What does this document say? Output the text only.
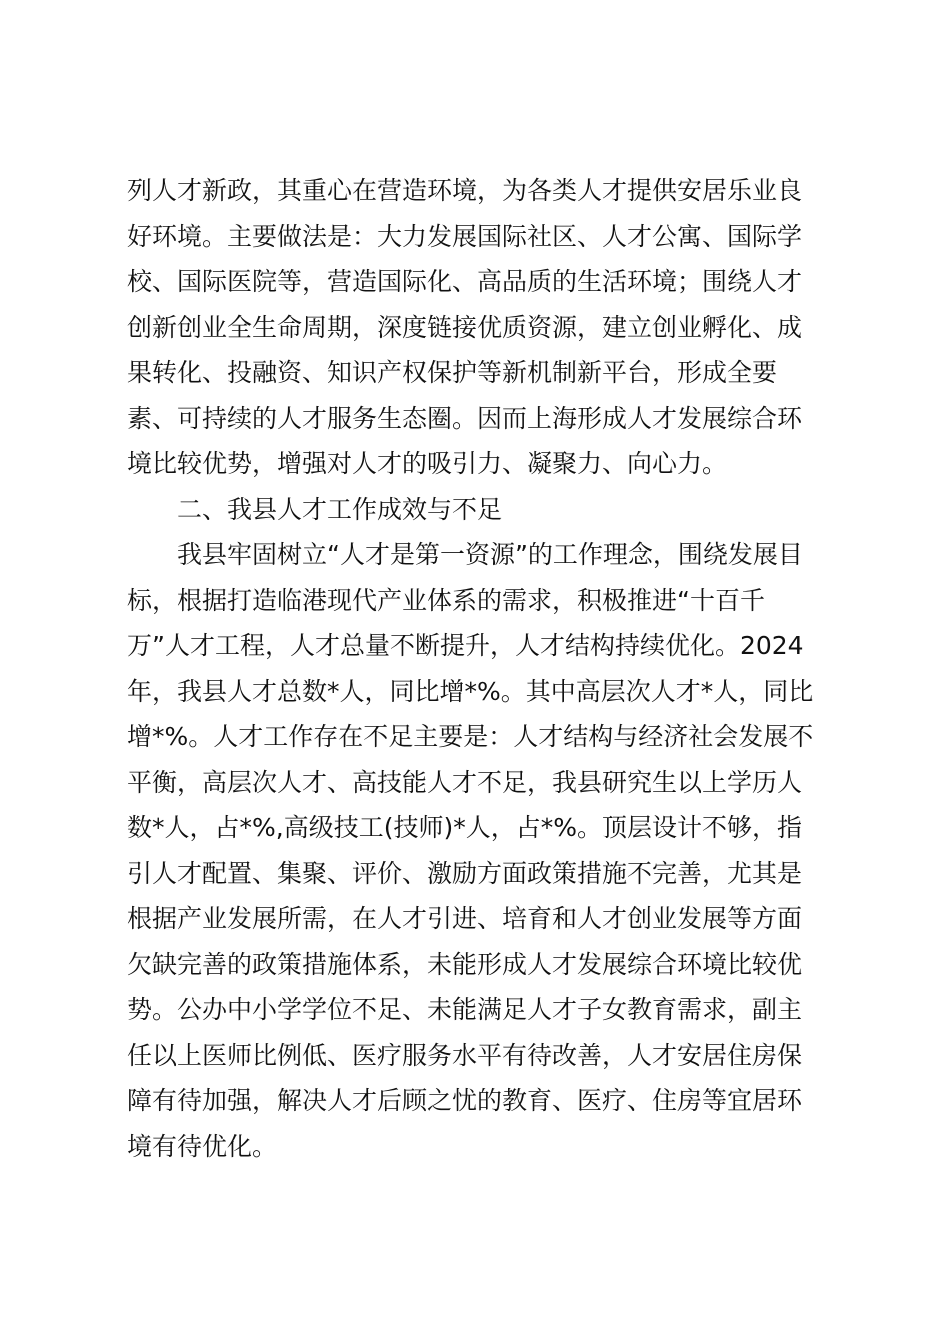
列人才新政，其重心在营造环境，为各类人才提供安居乐业良
好环境。主要做法是：大力发展国际社区、人才公寓、国际学
校、国际医院等，营造国际化、高品质的生活环境；围绕人才
创新创业全生命周期，深度链接优质资源，建立创业孵化、成
果转化、投融资、知识产权保护等新机制新平台，形成全要
素、可持续的人才服务生态圈。因而上海形成人才发展综合环
境比较优势，增强对人才的吸引力、凝聚力、向心力。
二、我县人才工作成效与不足
我县牢固树立“人才是第一资源”的工作理念，围绕发展目
标，根据打造临港现代产业体系的需求，积极推进“十百千
万”人才工程，人才总量不断提升，人才结构持续优化。2024
年，我县人才总数*人，同比增*%。其中高层次人才*人，同比
增*%。人才工作存在不足主要是：人才结构与经济社会发展不
平衡，高层次人才、高技能人才不足，我县研究生以上学历人
数*人，占*%,高级技工(技师)*人，占*%。顶层设计不够，指
引人才配置、集聚、评价、激励方面政策措施不完善，尤其是
根据产业发展所需，在人才引进、培育和人才创业发展等方面
欠缺完善的政策措施体系，未能形成人才发展综合环境比较优
势。公办中小学学位不足、未能满足人才子女教育需求，副主
任以上医师比例低、医疗服务水平有待改善，人才安居住房保
障有待加强，解决人才后顾之忧的教育、医疗、住房等宜居环
境有待优化。
